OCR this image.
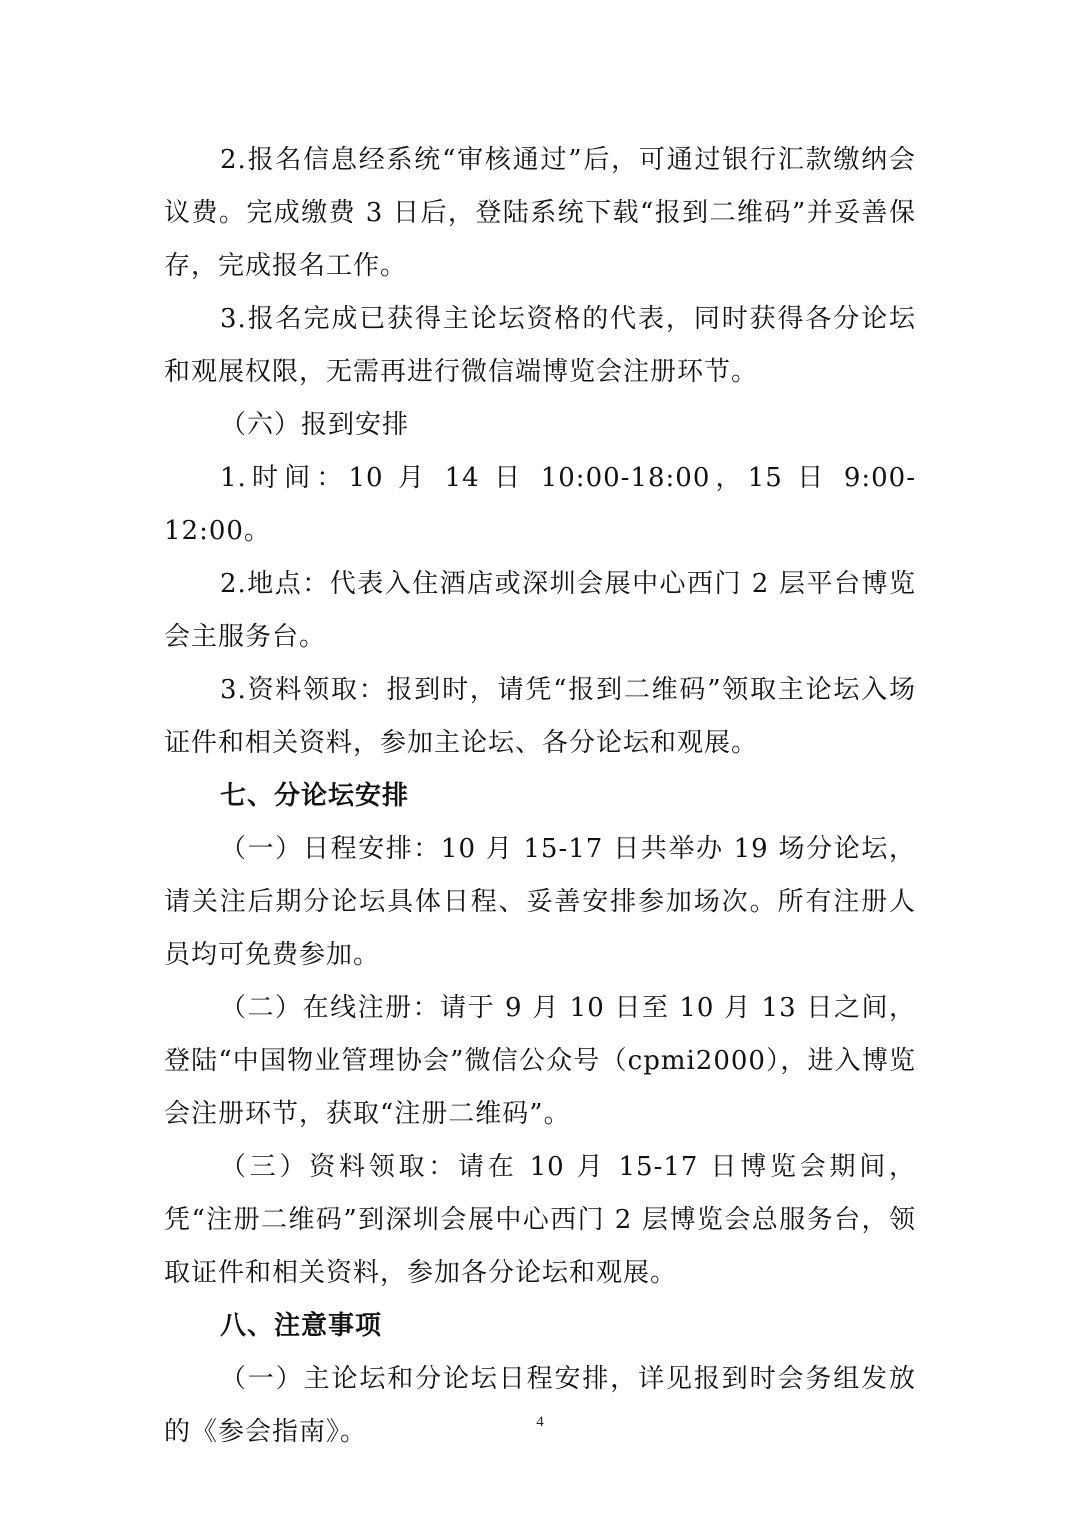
2.报名信息经系统“审核通过”后，可通过银行汇款缴纳会议费。完成缴费 3 日后，登陆系统下载“报到二维码”并妥善保存，完成报名工作。

3.报名完成已获得主论坛资格的代表，同时获得各分论坛和观展权限，无需再进行微信端博览会注册环节。

（六）报到安排

1.时间：10 月 14 日 10:00-18:00，15 日 9:00-12:00。

2.地点：代表入住酒店或深圳会展中心西门 2 层平台博览会主服务台。

3.资料领取：报到时，请凭“报到二维码”领取主论坛入场证件和相关资料，参加主论坛、各分论坛和观展。

七、分论坛安排

（一）日程安排：10 月 15-17 日共举办 19 场分论坛，请关注后期分论坛具体日程、妥善安排参加场次。所有注册人员均可免费参加。

（二）在线注册：请于 9 月 10 日至 10 月 13 日之间，登陆“中国物业管理协会”微信公众号（cpmi2000），进入博览会注册环节，获取“注册二维码”。

（三）资料领取：请在 10 月 15-17 日博览会期间，凭“注册二维码”到深圳会展中心西门 2 层博览会总服务台，领取证件和相关资料，参加各分论坛和观展。

八、注意事项

（一）主论坛和分论坛日程安排，详见报到时会务组发放的《参会指南》。	4
